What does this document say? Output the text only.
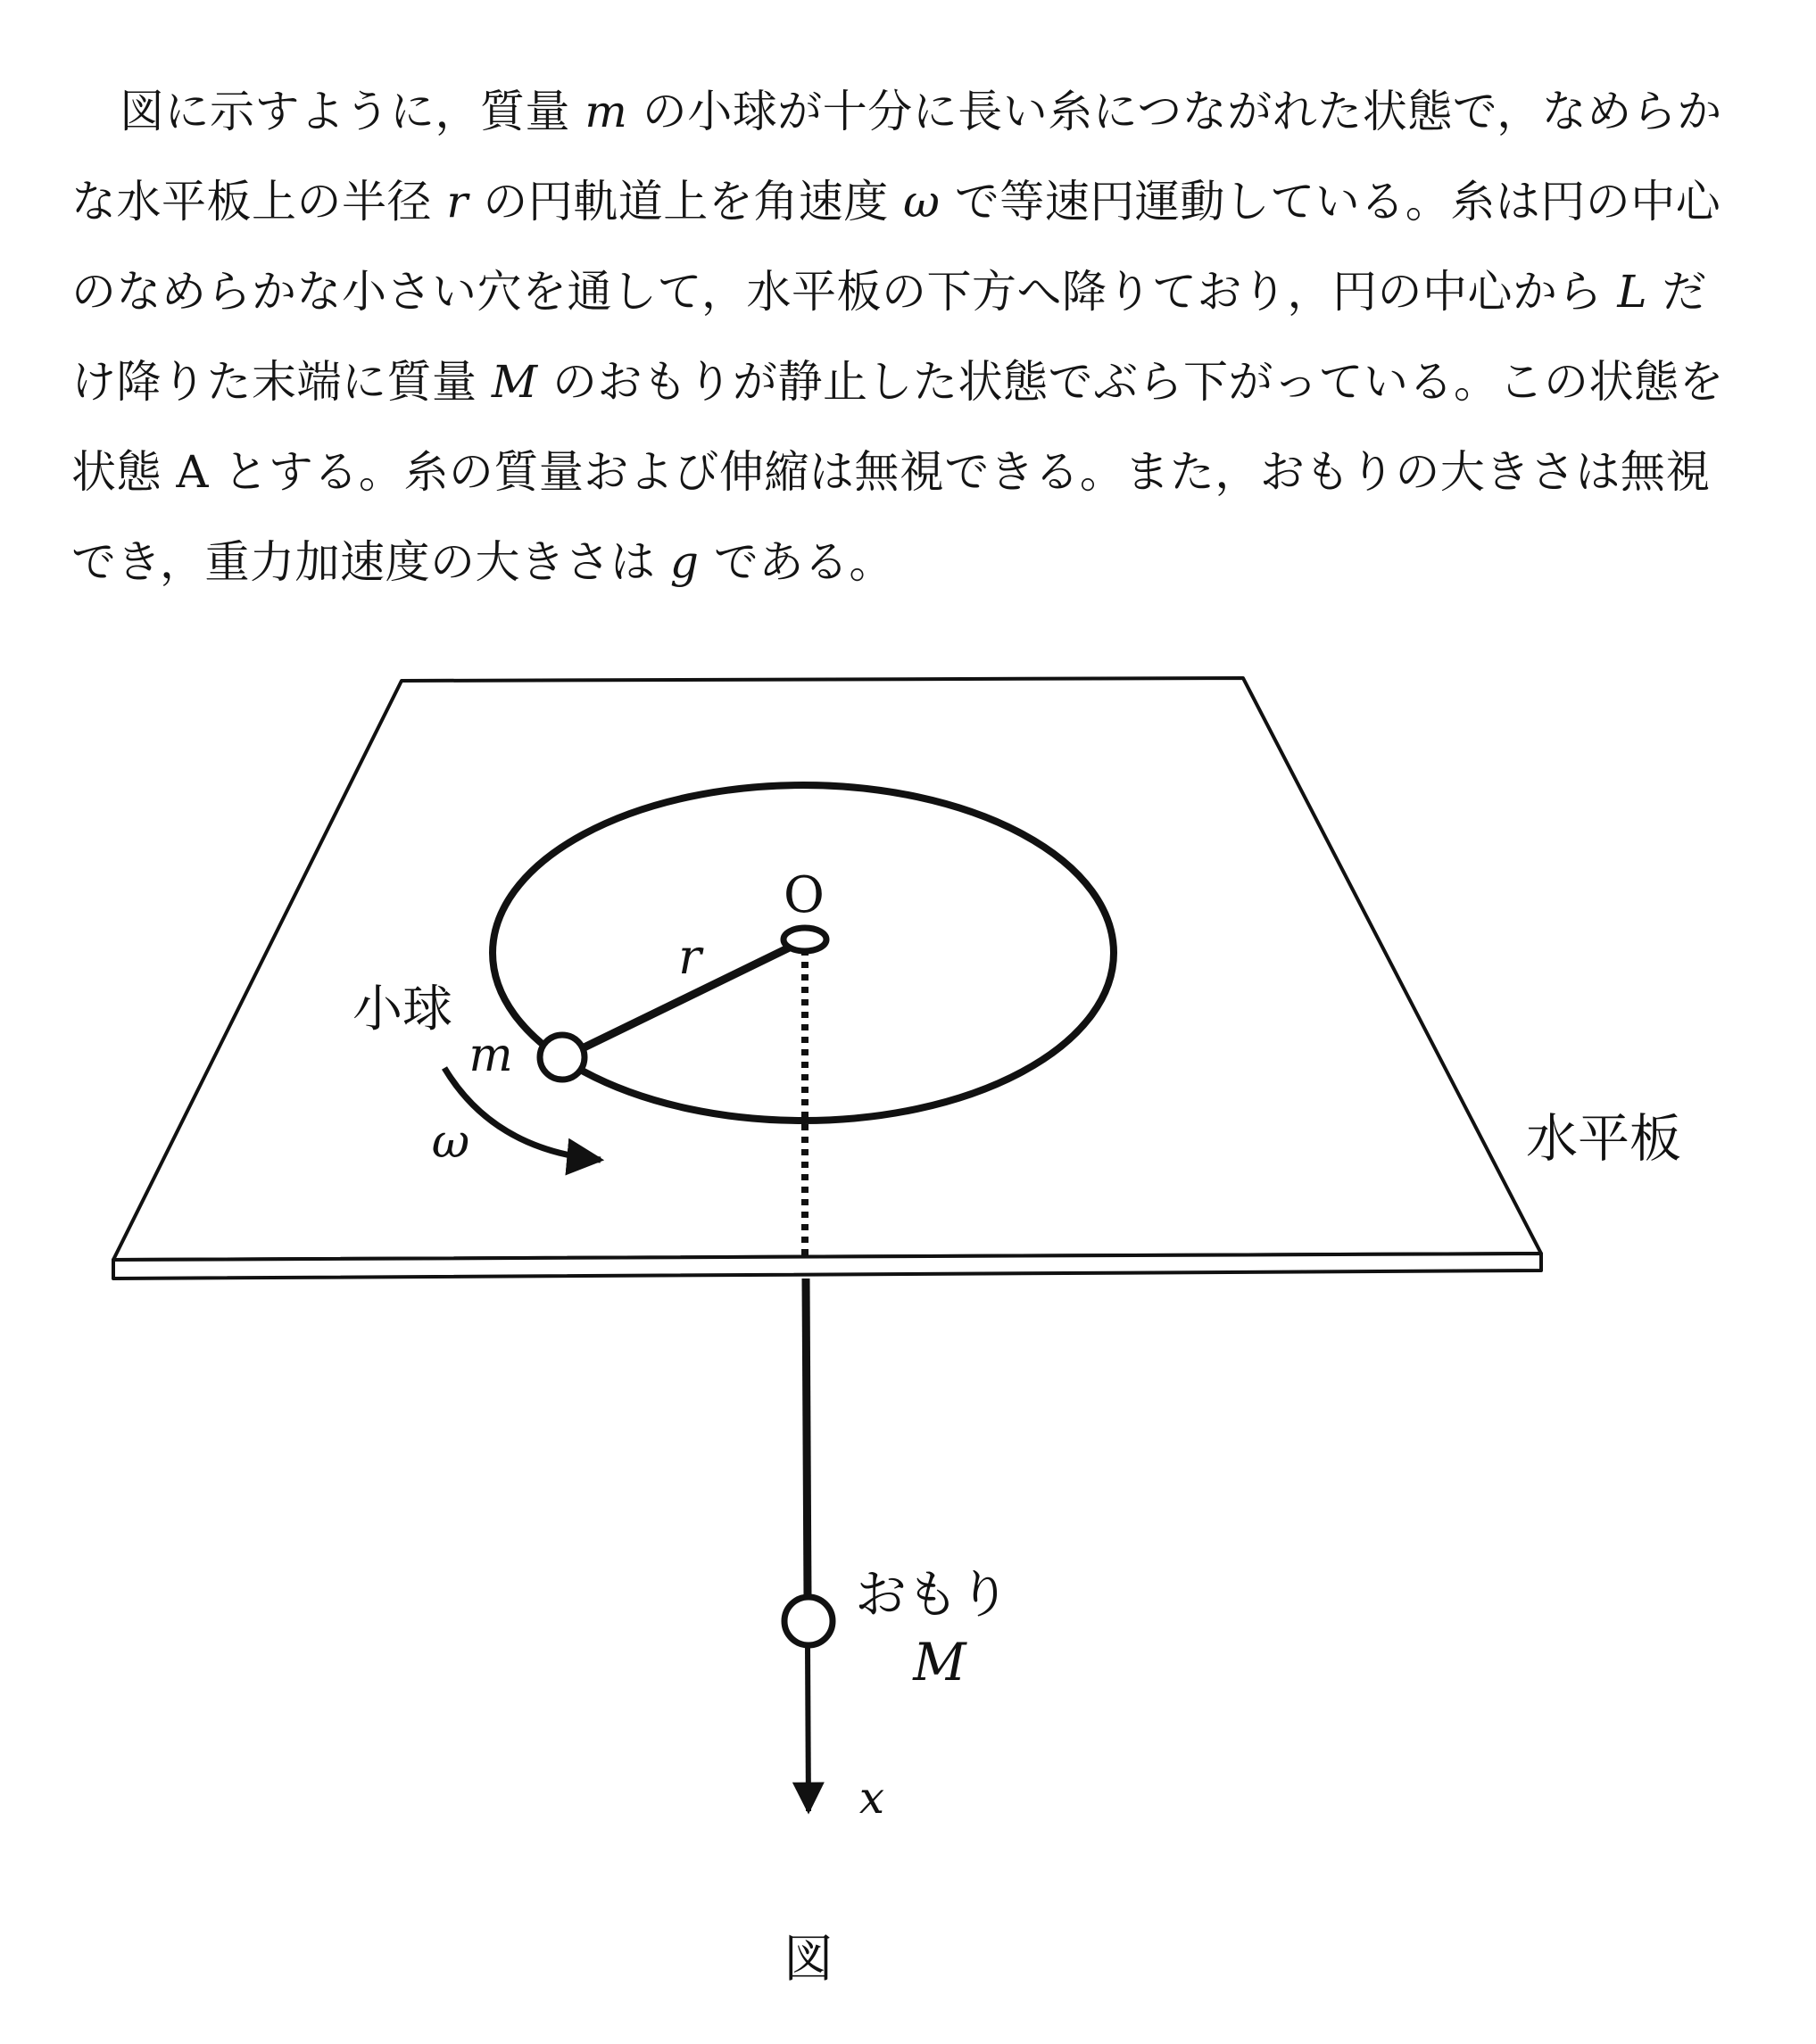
図に示すように，質量 m の小球が十分に長い糸につながれた状態で，なめらかな水平板上の半径 r の円軌道上を角速度 ω で等速円運動している。糸は円の中心のなめらかな小さい穴を通して，水平板の下方へ降りており，円の中心から L だけ降りた末端に質量 M のおもりが静止した状態でぶら下がっている。この状態を状態 A とする。糸の質量および伸縮は無視できる。また，おもりの大きさは無視でき，重力加速度の大きさは g である。

O
r
小球
m
ω	水平板
おもり
M
x
図
